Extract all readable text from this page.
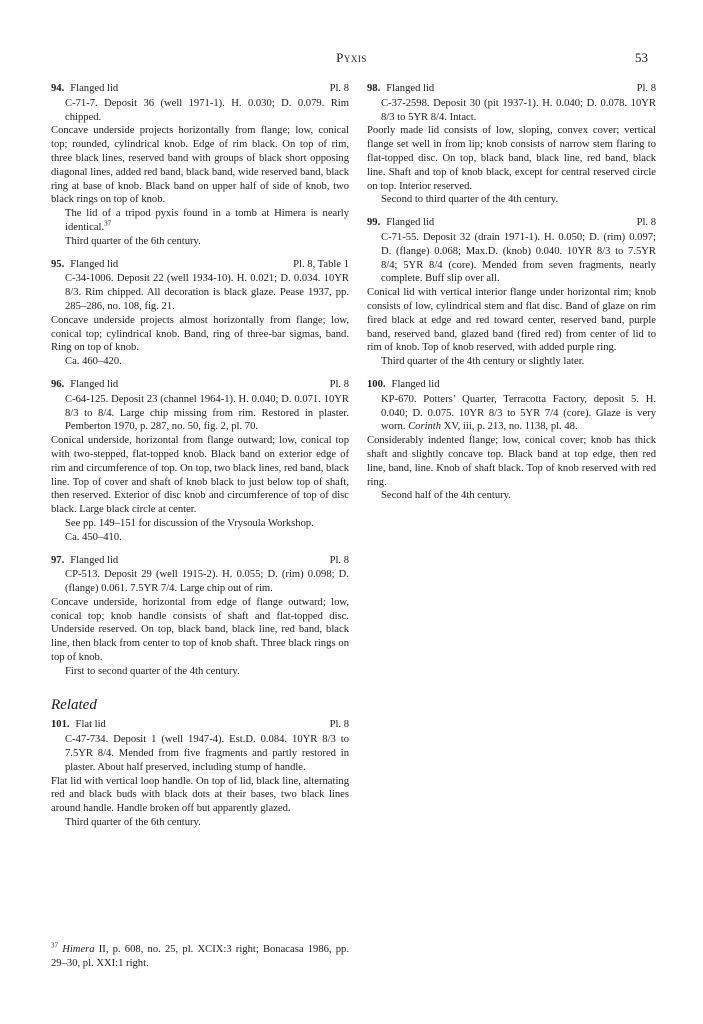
Pyxis	53
94. Flanged lid	Pl. 8
C-71-7. Deposit 36 (well 1971-1). H. 0.030; D. 0.079. Rim chipped.
Concave underside projects horizontally from flange; low, conical top; rounded, cylindrical knob. Edge of rim black. On top of rim, three black lines, reserved band with groups of black short opposing diagonal lines, added red band, black band, wide reserved band, black ring at base of knob. Black band on upper half of side of knob, two black rings on top of knob.
The lid of a tripod pyxis found in a tomb at Himera is nearly identical.$^{37}$
Third quarter of the 6th century.
95. Flanged lid	Pl. 8, Table 1
C-34-1006. Deposit 22 (well 1934-10). H. 0.021; D. 0.034. 10YR 8/3. Rim chipped. All decoration is black glaze. Pease 1937, pp. 285–286, no. 108, fig. 21.
Concave underside projects almost horizontally from flange; low, conical top; cylindrical knob. Band, ring of three-bar sigmas, band. Ring on top of knob.
Ca. 460–420.
96. Flanged lid	Pl. 8
C-64-125. Deposit 23 (channel 1964-1). H. 0.040; D. 0.071. 10YR 8/3 to 8/4. Large chip missing from rim. Restored in plaster. Pemberton 1970, p. 287, no. 50, fig. 2, pl. 70.
Conical underside, horizontal from flange outward; low, conical top with two-stepped, flat-topped knob. Black band on exterior edge of rim and circumference of top. On top, two black lines, red band, black line. Top of cover and shaft of knob black to just below top of shaft, then reserved. Exterior of disc knob and circumference of top of disc black. Large black circle at center.
See pp. 149–151 for discussion of the Vrysoula Workshop.
Ca. 450–410.
97. Flanged lid	Pl. 8
CP-513. Deposit 29 (well 1915-2). H. 0.055; D. (rim) 0.098; D. (flange) 0.061. 7.5YR 7/4. Large chip out of rim.
Concave underside, horizontal from edge of flange outward; low, conical top; knob handle consists of shaft and flat-topped disc. Underside reserved. On top, black band, black line, red band, black line, then black from center to top of knob shaft. Three black rings on top of knob.
First to second quarter of the 4th century.
Related
101. Flat lid	Pl. 8
C-47-734. Deposit 1 (well 1947-4). Est.D. 0.084. 10YR 8/3 to 7.5YR 8/4. Mended from five fragments and partly restored in plaster. About half preserved, including stump of handle.
Flat lid with vertical loop handle. On top of lid, black line, alternating red and black buds with black dots at their bases, two black lines around handle. Handle broken off but apparently glazed.
Third quarter of the 6th century.
98. Flanged lid	Pl. 8
C-37-2598. Deposit 30 (pit 1937-1). H. 0.040; D. 0.078. 10YR 8/3 to 5YR 8/4. Intact.
Poorly made lid consists of low, sloping, convex cover; vertical flange set well in from lip; knob consists of narrow stem flaring to flat-topped disc. On top, black band, black line, red band, black line. Shaft and top of knob black, except for central reserved circle on top. Interior reserved.
Second to third quarter of the 4th century.
99. Flanged lid	Pl. 8
C-71-55. Deposit 32 (drain 1971-1). H. 0.050; D. (rim) 0.097; D. (flange) 0.068; Max.D. (knob) 0.040. 10YR 8/3 to 7.5YR 8/4; 5YR 8/4 (core). Mended from seven fragments, nearly complete. Buff slip over all.
Conical lid with vertical interior flange under horizontal rim; knob consists of low, cylindrical stem and flat disc. Band of glaze on rim fired black at edge and red toward center, reserved band, purple band, reserved band, glazed band (fired red) from center of lid to rim of knob. Top of knob reserved, with added purple ring.
Third quarter of the 4th century or slightly later.
100. Flanged lid
KP-670. Potters’ Quarter, Terracotta Factory, deposit 5. H. 0.040; D. 0.075. 10YR 8/3 to 5YR 7/4 (core). Glaze is very worn. Corinth XV, iii, p. 213, no. 1138, pl. 48.
Considerably indented flange; low, conical cover; knob has thick shaft and slightly concave top. Black band at top edge, then red line, band, line. Knob of shaft black. Top of knob reserved with red ring.
Second half of the 4th century.
$^{37}$ Himera II, p. 608, no. 25, pl. XCIX:3 right; Bonacasa 1986, pp. 29–30, pl. XXI:1 right.
